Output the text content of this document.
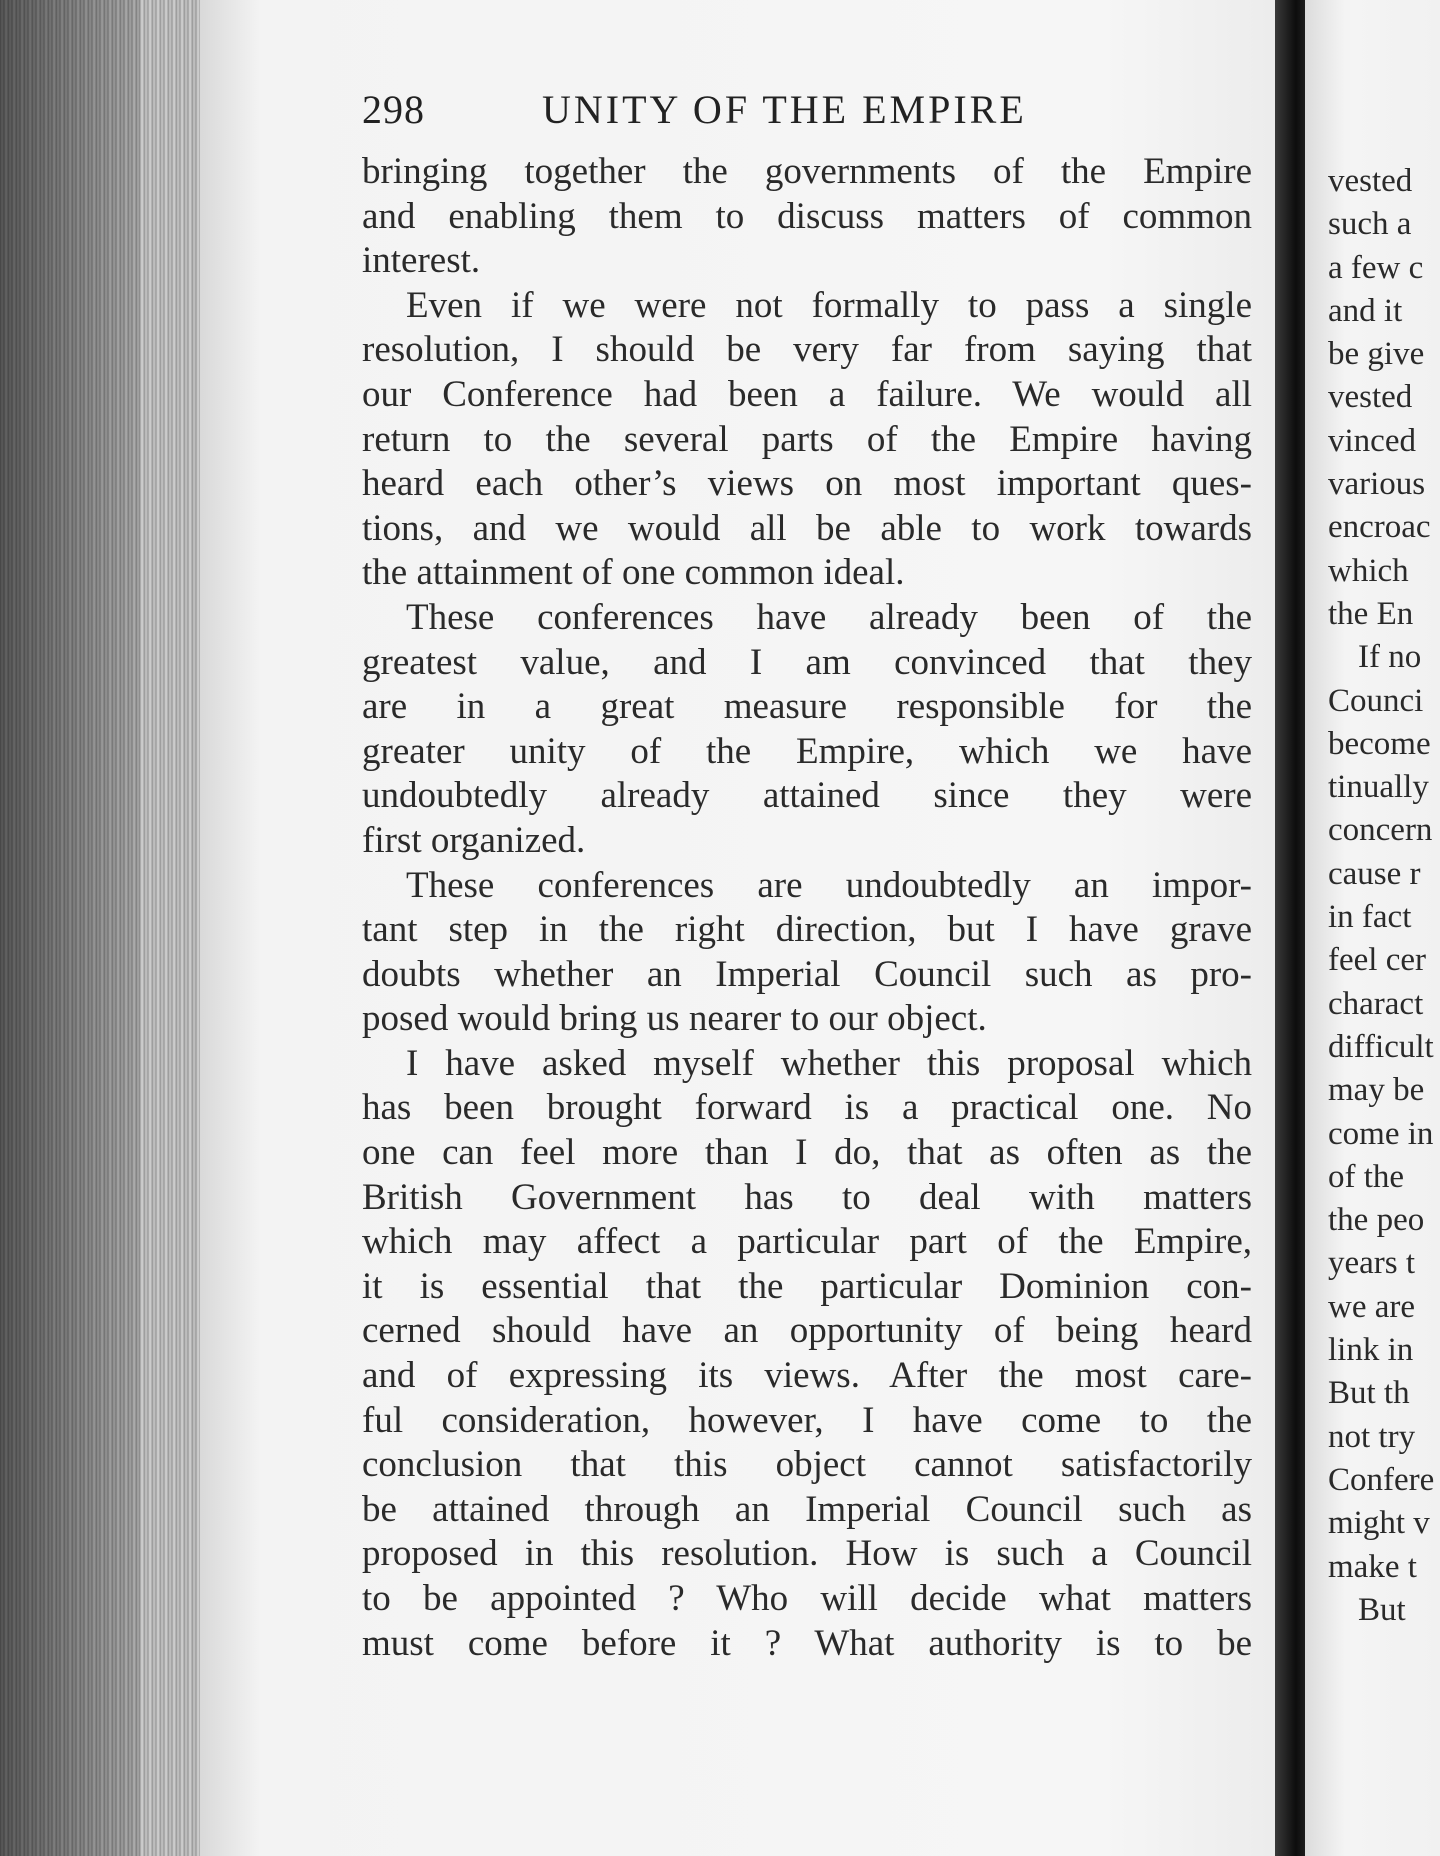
298	UNITY OF THE EMPIRE
bringing together the governments of the Empire
and enabling them to discuss matters of common
interest.
Even if we were not formally to pass a single
resolution, I should be very far from saying that
our Conference had been a failure. We would all
return to the several parts of the Empire having
heard each other’s views on most important ques-
tions, and we would all be able to work towards
the attainment of one common ideal.
These conferences have already been of the
greatest value, and I am convinced that they
are in a great measure responsible for the
greater unity of the Empire, which we have
undoubtedly already attained since they were
first organized.
These conferences are undoubtedly an impor-
tant step in the right direction, but I have grave
doubts whether an Imperial Council such as pro-
posed would bring us nearer to our object.
I have asked myself whether this proposal which
has been brought forward is a practical one. No
one can feel more than I do, that as often as the
British Government has to deal with matters
which may affect a particular part of the Empire,
it is essential that the particular Dominion con-
cerned should have an opportunity of being heard
and of expressing its views. After the most care-
ful consideration, however, I have come to the
conclusion that this object cannot satisfactorily
be attained through an Imperial Council such as
proposed in this resolution. How is such a Council
to be appointed ? Who will decide what matters
must come before it ? What authority is to be
vested
such a
a few c
and it
be give
vested
vinced
various
encroac
which
the En
If no
Counci
become
tinually
concern
cause r
in fact
feel cer
charact
difficult
may be
come in
of the
the peo
years t
we are
link in
But th
not try
Confere
might v
make t
But
